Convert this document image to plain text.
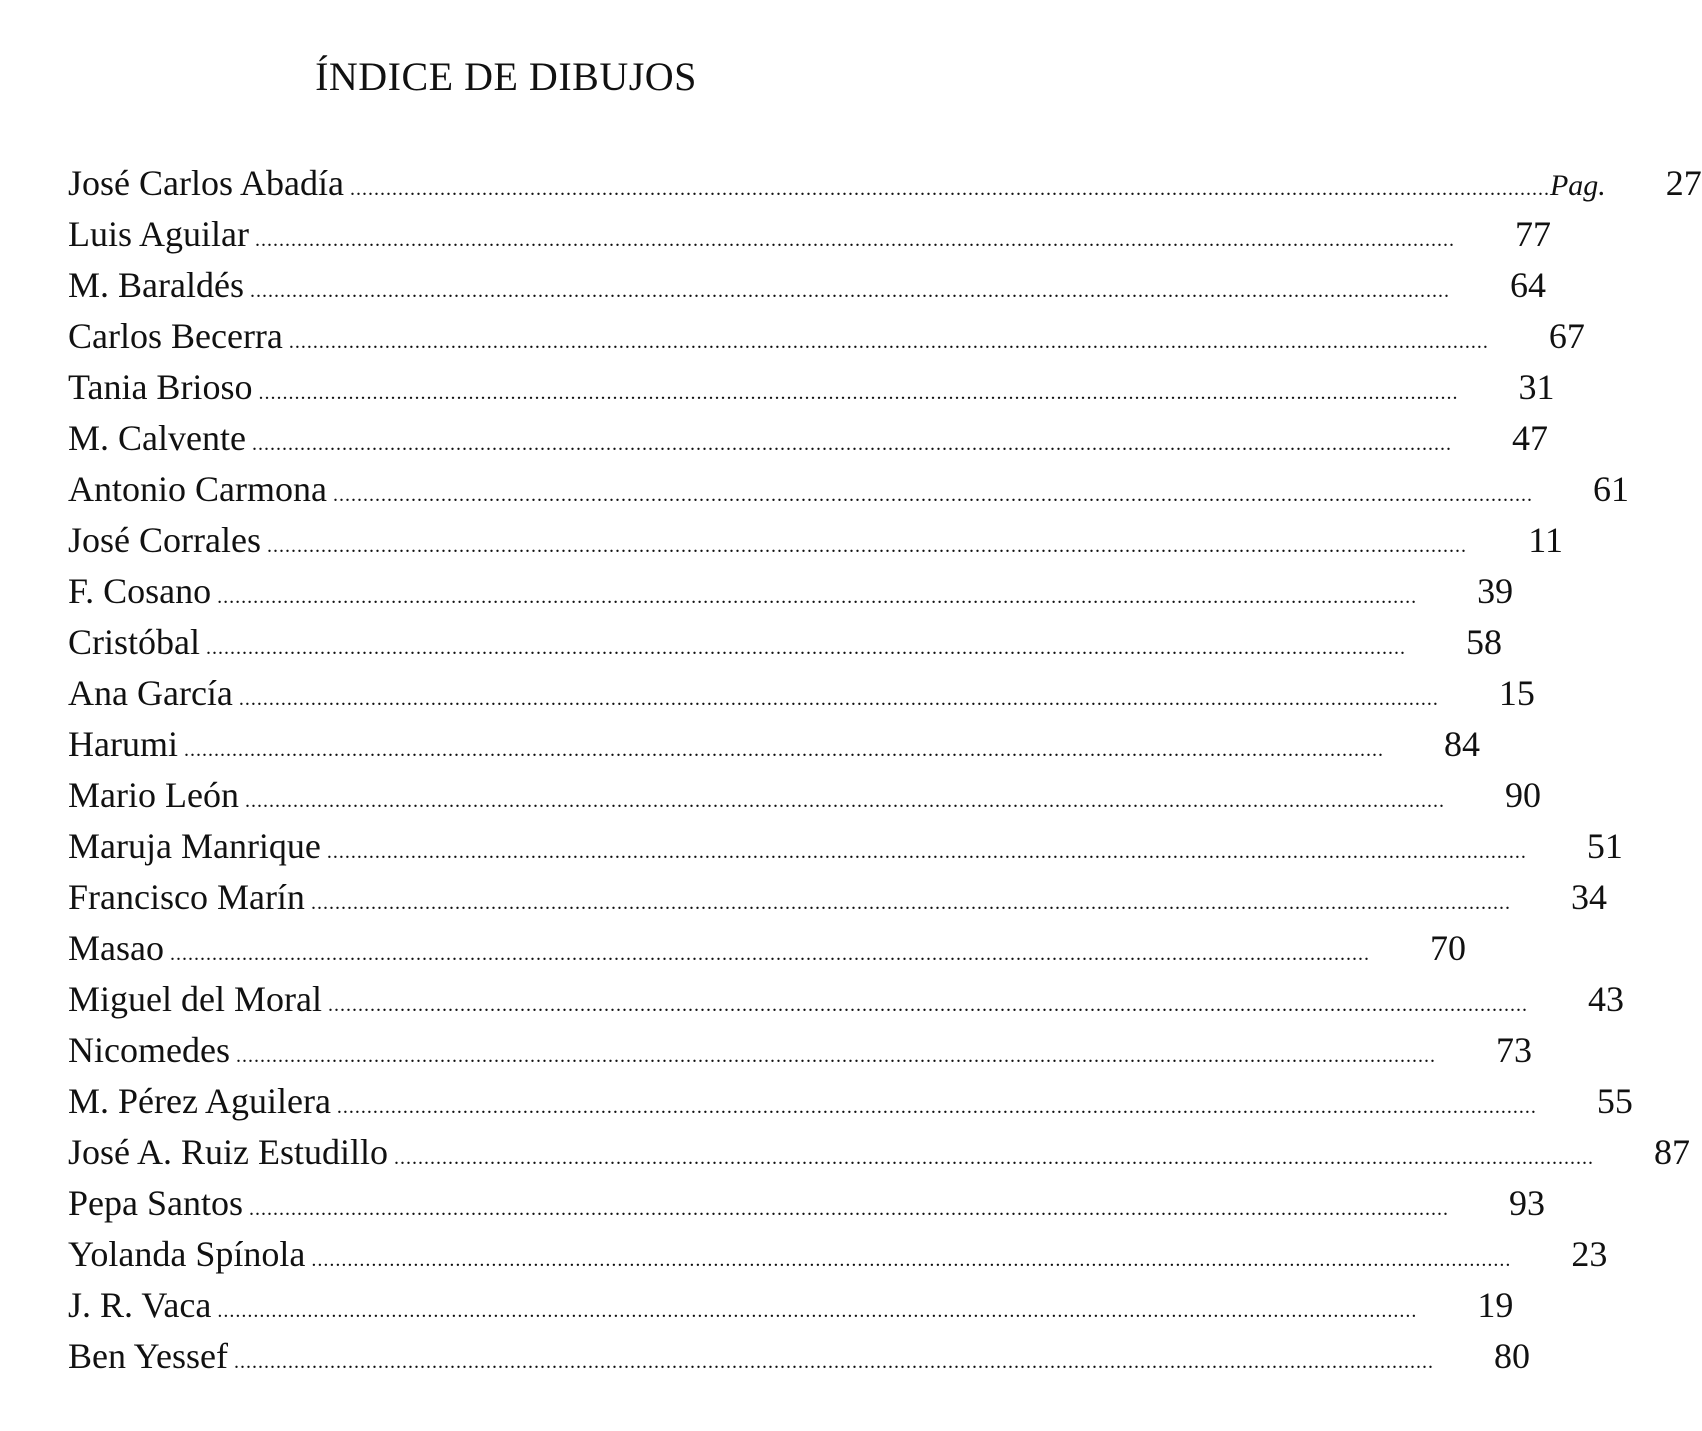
ÍNDICE DE DIBUJOS
José Carlos Abadía ........................................................................................................................................................................................................ Pag.	27
Luis Aguilar ........................................................................................................................................................................................................	77
M. Baraldés ........................................................................................................................................................................................................	64
Carlos Becerra ........................................................................................................................................................................................................	67
Tania Brioso ........................................................................................................................................................................................................	31
M. Calvente ........................................................................................................................................................................................................	47
Antonio Carmona ........................................................................................................................................................................................................	61
José Corrales ........................................................................................................................................................................................................	11
F. Cosano ........................................................................................................................................................................................................	39
Cristóbal ........................................................................................................................................................................................................	58
Ana García ........................................................................................................................................................................................................	15
Harumi ........................................................................................................................................................................................................	84
Mario León ........................................................................................................................................................................................................	90
Maruja Manrique ........................................................................................................................................................................................................	51
Francisco Marín ........................................................................................................................................................................................................	34
Masao ........................................................................................................................................................................................................	70
Miguel del Moral ........................................................................................................................................................................................................	43
Nicomedes ........................................................................................................................................................................................................	73
M. Pérez Aguilera ........................................................................................................................................................................................................	55
José A. Ruiz Estudillo ........................................................................................................................................................................................................	87
Pepa Santos ........................................................................................................................................................................................................	93
Yolanda Spínola ........................................................................................................................................................................................................	23
J. R. Vaca ........................................................................................................................................................................................................	19
Ben Yessef ........................................................................................................................................................................................................	80
